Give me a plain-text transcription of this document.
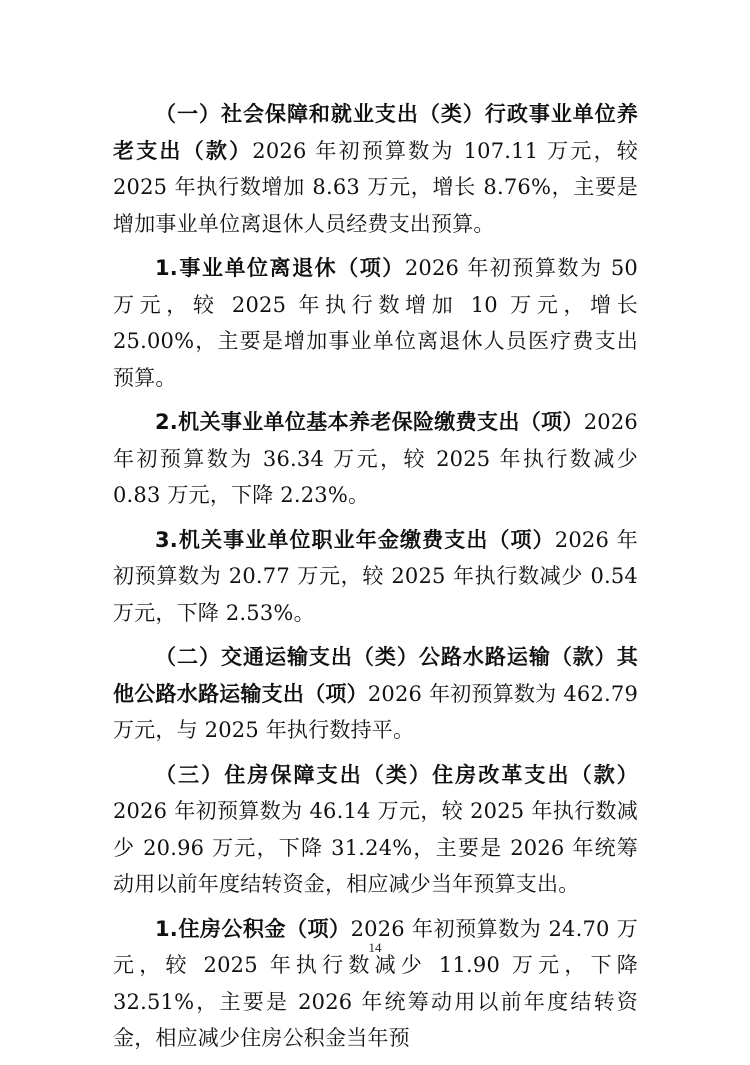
（一）社会保障和就业支出（类）行政事业单位养老支出（款）2026 年初预算数为 107.11 万元，较 2025 年执行数增加 8.63 万元，增长 8.76%，主要是增加事业单位离退休人员经费支出预算。

1.事业单位离退休（项）2026 年初预算数为 50 万元，较 2025 年执行数增加 10 万元，增长 25.00%，主要是增加事业单位离退休人员医疗费支出预算。

2.机关事业单位基本养老保险缴费支出（项）2026 年初预算数为 36.34 万元，较 2025 年执行数减少 0.83 万元，下降 2.23%。

3.机关事业单位职业年金缴费支出（项）2026 年初预算数为 20.77 万元，较 2025 年执行数减少 0.54 万元，下降 2.53%。

（二）交通运输支出（类）公路水路运输（款）其他公路水路运输支出（项）2026 年初预算数为 462.79 万元，与 2025 年执行数持平。

（三）住房保障支出（类）住房改革支出（款）2026 年初预算数为 46.14 万元，较 2025 年执行数减少 20.96 万元，下降 31.24%，主要是 2026 年统筹动用以前年度结转资金，相应减少当年预算支出。

1.住房公积金（项）2026 年初预算数为 24.70 万元，较 2025 年执行数减少 11.90 万元，下降 32.51%，主要是 2026 年统筹动用以前年度结转资金，相应减少住房公积金当年预

14
